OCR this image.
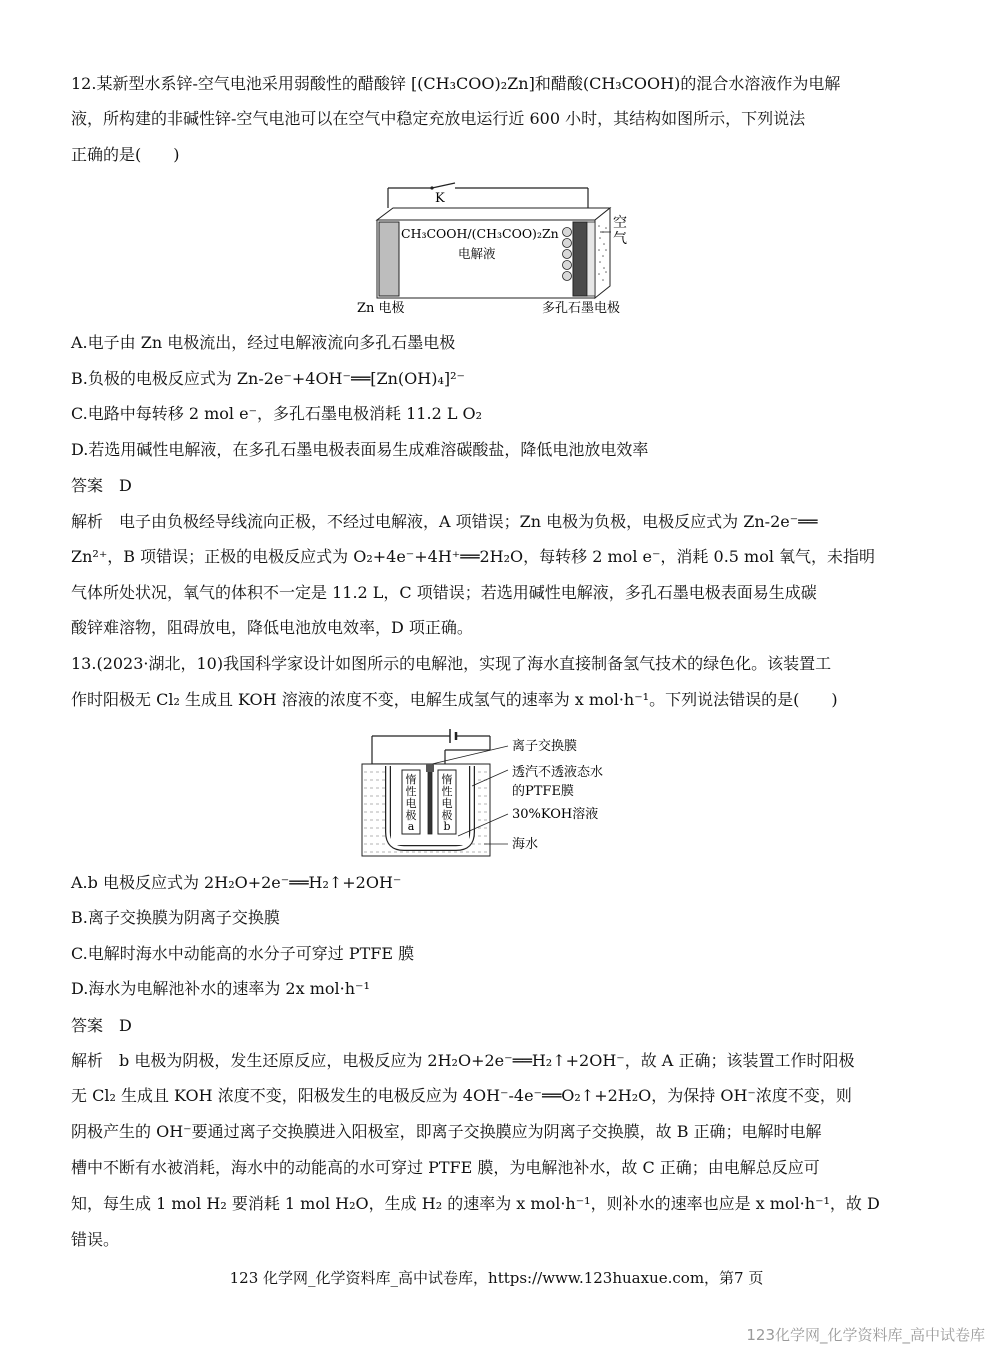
12.某新型水系锌-空气电池采用弱酸性的醋酸锌 [(CH₃COO)₂Zn]和醋酸(CH₃COOH)的混合水溶液作为电解
液，所构建的非碱性锌-空气电池可以在空气中稳定充放电运行近 600 小时，其结构如图所示，下列说法
正确的是(　　)
K
CH₃COOH/(CH₃COO)₂Zn
电解液
空
气
Zn 电极	多孔石墨电极
A.电子由 Zn 电极流出，经过电解液流向多孔石墨电极
B.负极的电极反应式为 Zn-2e⁻+4OH⁻══[Zn(OH)₄]²⁻
C.电路中每转移 2 mol e⁻，多孔石墨电极消耗 11.2 L O₂
D.若选用碱性电解液，在多孔石墨电极表面易生成难溶碳酸盐，降低电池放电效率
答案　D
解析　电子由负极经导线流向正极，不经过电解液，A 项错误；Zn 电极为负极，电极反应式为 Zn-2e⁻══
Zn²⁺，B 项错误；正极的电极反应式为 O₂+4e⁻+4H⁺══2H₂O，每转移 2 mol e⁻，消耗 0.5 mol 氧气，未指明
气体所处状况，氧气的体积不一定是 11.2 L，C 项错误；若选用碱性电解液，多孔石墨电极表面易生成碳
酸锌难溶物，阻碍放电，降低电池放电效率，D 项正确。
13.(2023·湖北，10)我国科学家设计如图所示的电解池，实现了海水直接制备氢气技术的绿色化。该装置工
作时阳极无 Cl₂ 生成且 KOH 溶液的浓度不变，电解生成氢气的速率为 x mol·h⁻¹。下列说法错误的是(　　)
惰
性
电
极
a
惰
性
电
极
b
离子交换膜
透汽不透液态水
的PTFE膜
30%KOH溶液
海水
A.b 电极反应式为 2H₂O+2e⁻══H₂↑+2OH⁻
B.离子交换膜为阴离子交换膜
C.电解时海水中动能高的水分子可穿过 PTFE 膜
D.海水为电解池补水的速率为 2x mol·h⁻¹
答案　D
解析　b 电极为阴极，发生还原反应，电极反应为 2H₂O+2e⁻══H₂↑+2OH⁻，故 A 正确；该装置工作时阳极
无 Cl₂ 生成且 KOH 浓度不变，阳极发生的电极反应为 4OH⁻-4e⁻══O₂↑+2H₂O，为保持 OH⁻浓度不变，则
阴极产生的 OH⁻要通过离子交换膜进入阳极室，即离子交换膜应为阴离子交换膜，故 B 正确；电解时电解
槽中不断有水被消耗，海水中的动能高的水可穿过 PTFE 膜，为电解池补水，故 C 正确；由电解总反应可
知，每生成 1 mol H₂ 要消耗 1 mol H₂O，生成 H₂ 的速率为 x mol·h⁻¹，则补水的速率也应是 x mol·h⁻¹，故 D
错误。
123 化学网_化学资料库_高中试卷库，https://www.123huaxue.com，第7 页
123化学网_化学资料库_高中试卷库
